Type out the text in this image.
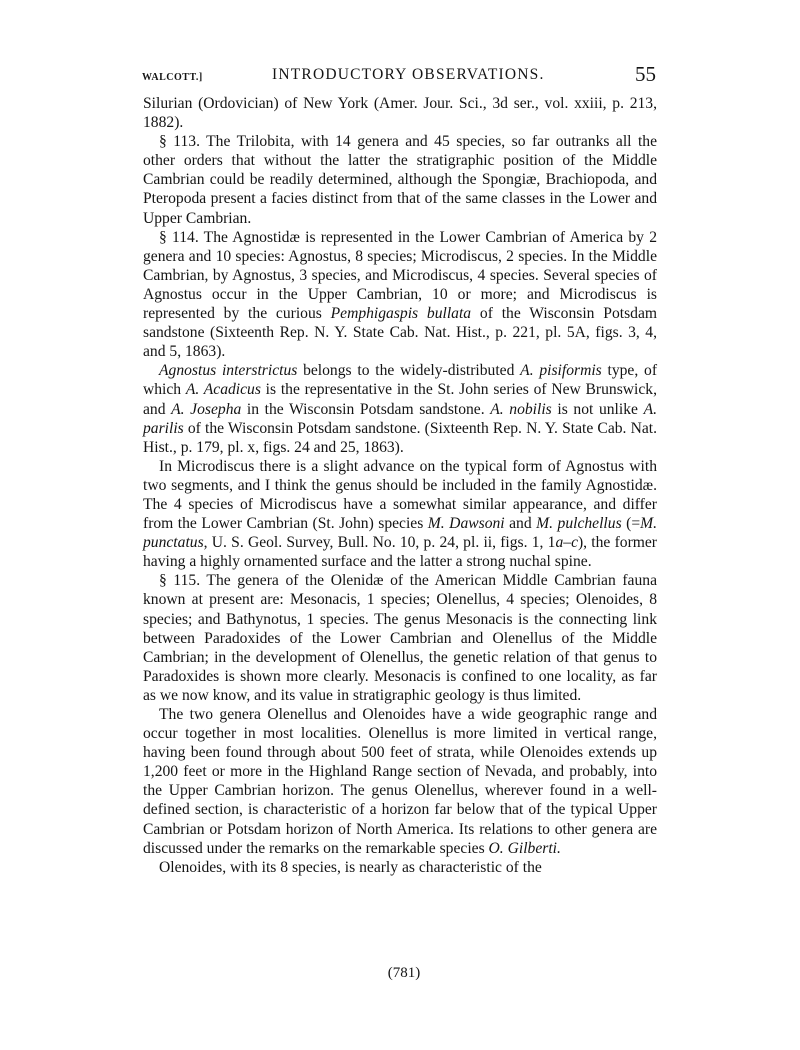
WALCOTT.]	INTRODUCTORY OBSERVATIONS.	55

Silurian (Ordovician) of New York (Amer. Jour. Sci., 3d ser., vol. xxiii, p. 213, 1882).

§ 113. The Trilobita, with 14 genera and 45 species, so far outranks all the other orders that without the latter the stratigraphic position of the Middle Cambrian could be readily determined, although the Spongiæ, Brachiopoda, and Pteropoda present a facies distinct from that of the same classes in the Lower and Upper Cambrian.

§ 114. The Agnostidæ is represented in the Lower Cambrian of America by 2 genera and 10 species: Agnostus, 8 species; Microdiscus, 2 species. In the Middle Cambrian, by Agnostus, 3 species, and Microdiscus, 4 species. Several species of Agnostus occur in the Upper Cambrian, 10 or more; and Microdiscus is represented by the curious Pemphigaspis bullata of the Wisconsin Potsdam sandstone (Sixteenth Rep. N. Y. State Cab. Nat. Hist., p. 221, pl. 5A, figs. 3, 4, and 5, 1863).

Agnostus interstrictus belongs to the widely-distributed A. pisiformis type, of which A. Acadicus is the representative in the St. John series of New Brunswick, and A. Josepha in the Wisconsin Potsdam sandstone. A. nobilis is not unlike A. parilis of the Wisconsin Potsdam sandstone. (Sixteenth Rep. N. Y. State Cab. Nat. Hist., p. 179, pl. x, figs. 24 and 25, 1863).

In Microdiscus there is a slight advance on the typical form of Agnostus with two segments, and I think the genus should be included in the family Agnostidæ. The 4 species of Microdiscus have a somewhat similar appearance, and differ from the Lower Cambrian (St. John) species M. Dawsoni and M. pulchellus (=M. punctatus, U. S. Geol. Survey, Bull. No. 10, p. 24, pl. ii, figs. 1, 1a–c), the former having a highly ornamented surface and the latter a strong nuchal spine.

§ 115. The genera of the Olenidæ of the American Middle Cambrian fauna known at present are: Mesonacis, 1 species; Olenellus, 4 species; Olenoides, 8 species; and Bathynotus, 1 species. The genus Mesonacis is the connecting link between Paradoxides of the Lower Cambrian and Olenellus of the Middle Cambrian; in the development of Olenellus, the genetic relation of that genus to Paradoxides is shown more clearly. Mesonacis is confined to one locality, as far as we now know, and its value in stratigraphic geology is thus limited.

The two genera Olenellus and Olenoides have a wide geographic range and occur together in most localities. Olenellus is more limited in vertical range, having been found through about 500 feet of strata, while Olenoides extends up 1,200 feet or more in the Highland Range section of Nevada, and probably, into the Upper Cambrian horizon. The genus Olenellus, wherever found in a well-defined section, is characteristic of a horizon far below that of the typical Upper Cambrian or Potsdam horizon of North America. Its relations to other genera are discussed under the remarks on the remarkable species O. Gilberti.

Olenoides, with its 8 species, is nearly as characteristic of the

(781)
